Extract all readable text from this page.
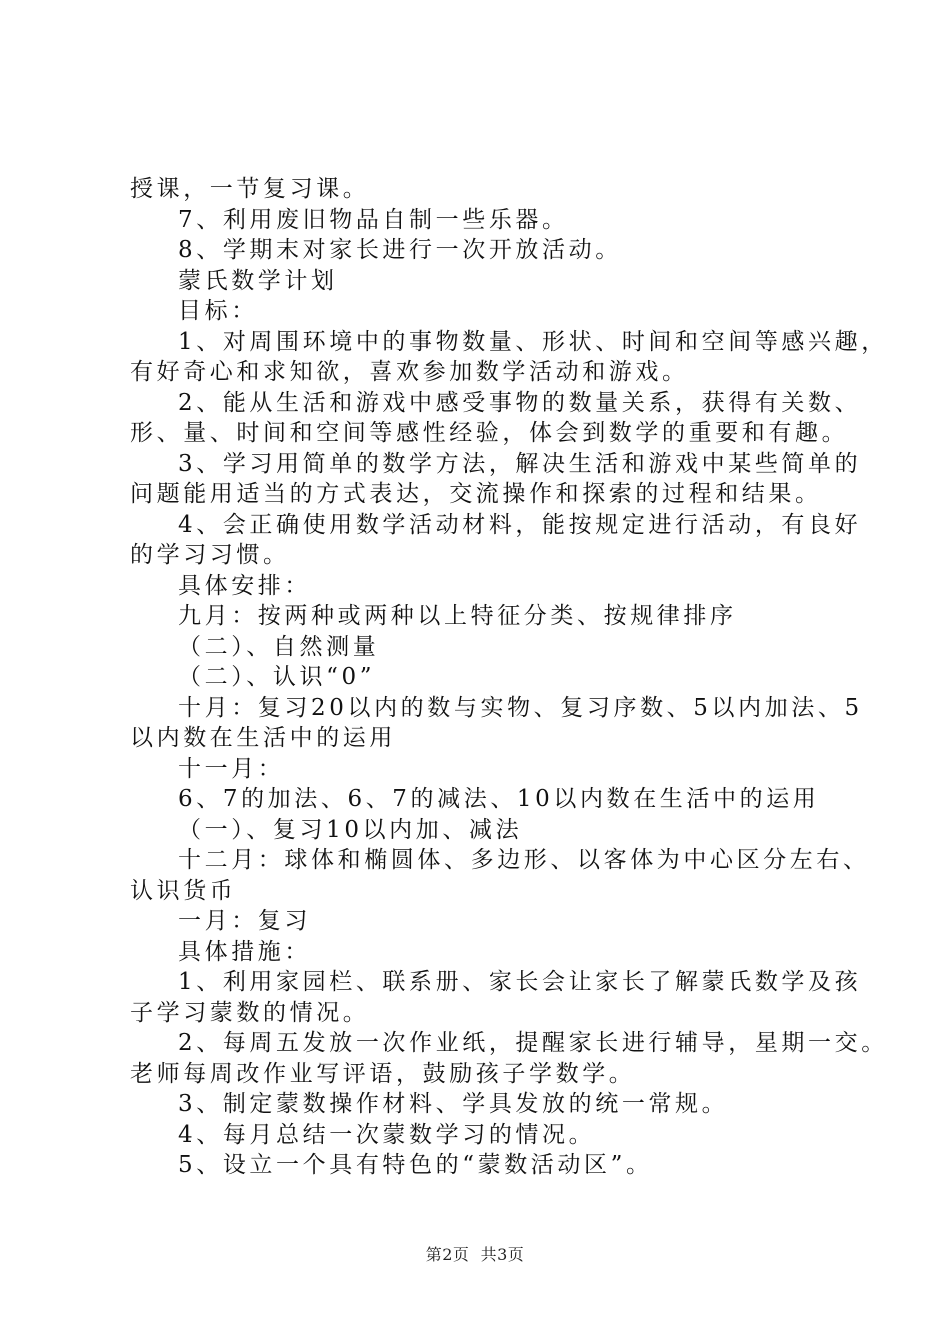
授课，一节复习课。
7、利用废旧物品自制一些乐器。
8、学期末对家长进行一次开放活动。
蒙氏数学计划
目标：
1、对周围环境中的事物数量、形状、时间和空间等感兴趣，
有好奇心和求知欲，喜欢参加数学活动和游戏。
2、能从生活和游戏中感受事物的数量关系，获得有关数、
形、量、时间和空间等感性经验，体会到数学的重要和有趣。
3、学习用简单的数学方法，解决生活和游戏中某些简单的
问题能用适当的方式表达，交流操作和探索的过程和结果。
4、会正确使用数学活动材料，能按规定进行活动，有良好
的学习习惯。
具体安排：
九月：按两种或两种以上特征分类、按规律排序
（二）、自然测量
（二）、认识“0”
十月：复习20以内的数与实物、复习序数、5以内加法、5
以内数在生活中的运用
十一月：
6、7的加法、6、7的减法、10以内数在生活中的运用
（一）、复习10以内加、减法
十二月：球体和椭圆体、多边形、以客体为中心区分左右、
认识货币
一月：复习
具体措施：
1、利用家园栏、联系册、家长会让家长了解蒙氏数学及孩
子学习蒙数的情况。
2、每周五发放一次作业纸，提醒家长进行辅导，星期一交。
老师每周改作业写评语，鼓励孩子学数学。
3、制定蒙数操作材料、学具发放的统一常规。
4、每月总结一次蒙数学习的情况。
5、设立一个具有特色的“蒙数活动区”。
第2页  共3页
